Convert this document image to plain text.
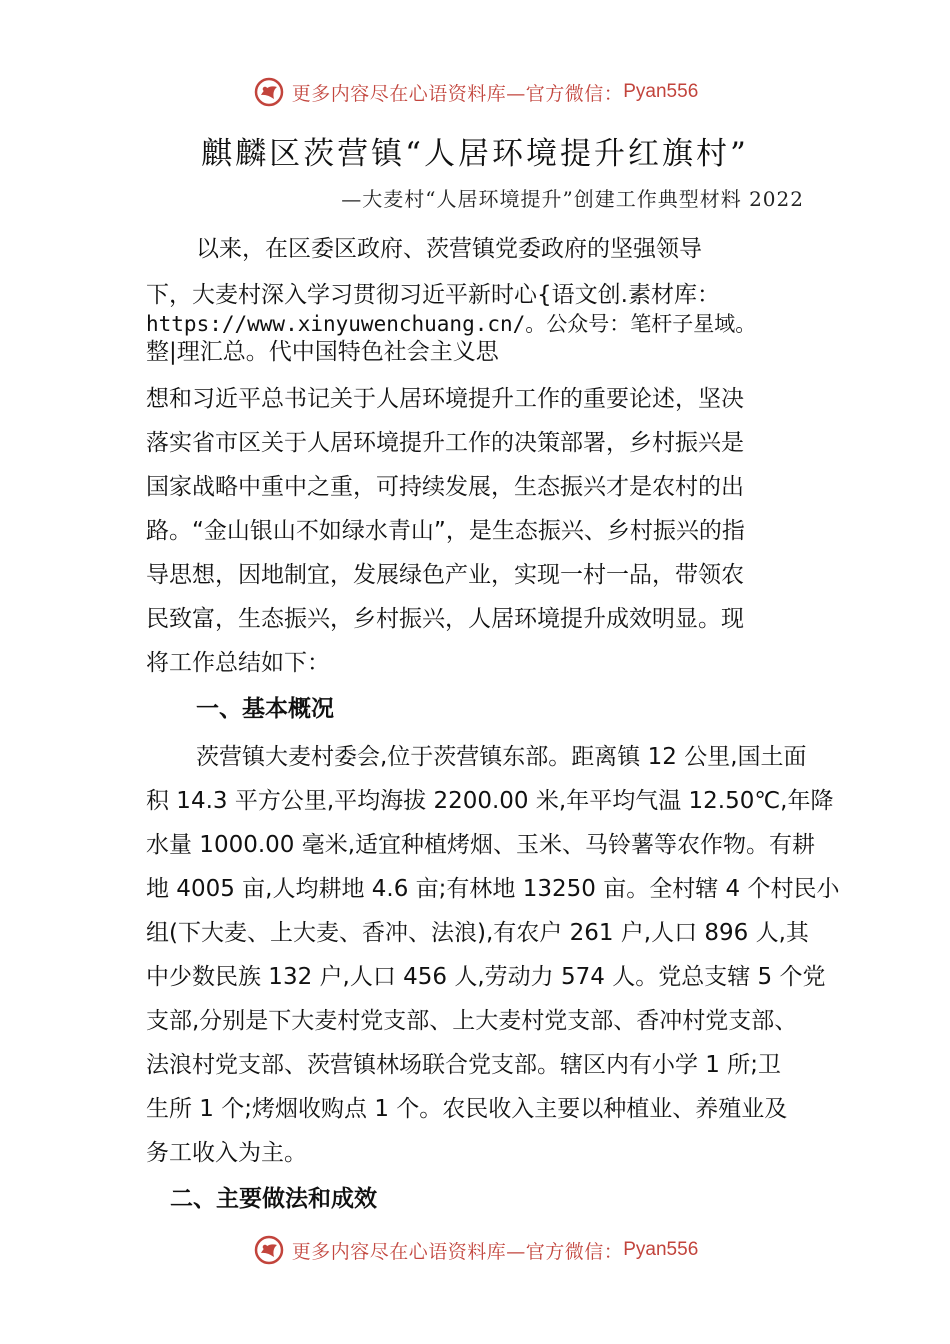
更多内容尽在心语资料库—官方微信： Pyan556
麒麟区茨营镇“人居环境提升红旗村”
—大麦村“人居环境提升”创建工作典型材料 2022
以来，在区委区政府、茨营镇党委政府的坚强领导
下，大麦村深入学习贯彻习近平新时心{语文创.素材库：
https://www.xinyuwenchuang.cn/。公众号：笔杆子星域。
整|理汇总。代中国特色社会主义思
想和习近平总书记关于人居环境提升工作的重要论述，坚决
落实省市区关于人居环境提升工作的决策部署，乡村振兴是
国家战略中重中之重，可持续发展，生态振兴才是农村的出
路。“金山银山不如绿水青山”，是生态振兴、乡村振兴的指
导思想，因地制宜，发展绿色产业，实现一村一品，带领农
民致富，生态振兴，乡村振兴，人居环境提升成效明显。现
将工作总结如下：
一、基本概况
茨营镇大麦村委会,位于茨营镇东部。距离镇 12 公里,国土面
积 14.3 平方公里,平均海拔 2200.00 米,年平均气温 12.50℃,年降
水量 1000.00 毫米,适宜种植烤烟、玉米、马铃薯等农作物。有耕
地 4005 亩,人均耕地 4.6 亩;有林地 13250 亩。全村辖 4 个村民小
组(下大麦、上大麦、香冲、法浪),有农户 261 户,人口 896 人,其
中少数民族 132 户,人口 456 人,劳动力 574 人。党总支辖 5 个党
支部,分别是下大麦村党支部、上大麦村党支部、香冲村党支部、
法浪村党支部、茨营镇林场联合党支部。辖区内有小学 1 所;卫
生所 1 个;烤烟收购点 1 个。农民收入主要以种植业、养殖业及
务工收入为主。
二、主要做法和成效
更多内容尽在心语资料库—官方微信： Pyan556
